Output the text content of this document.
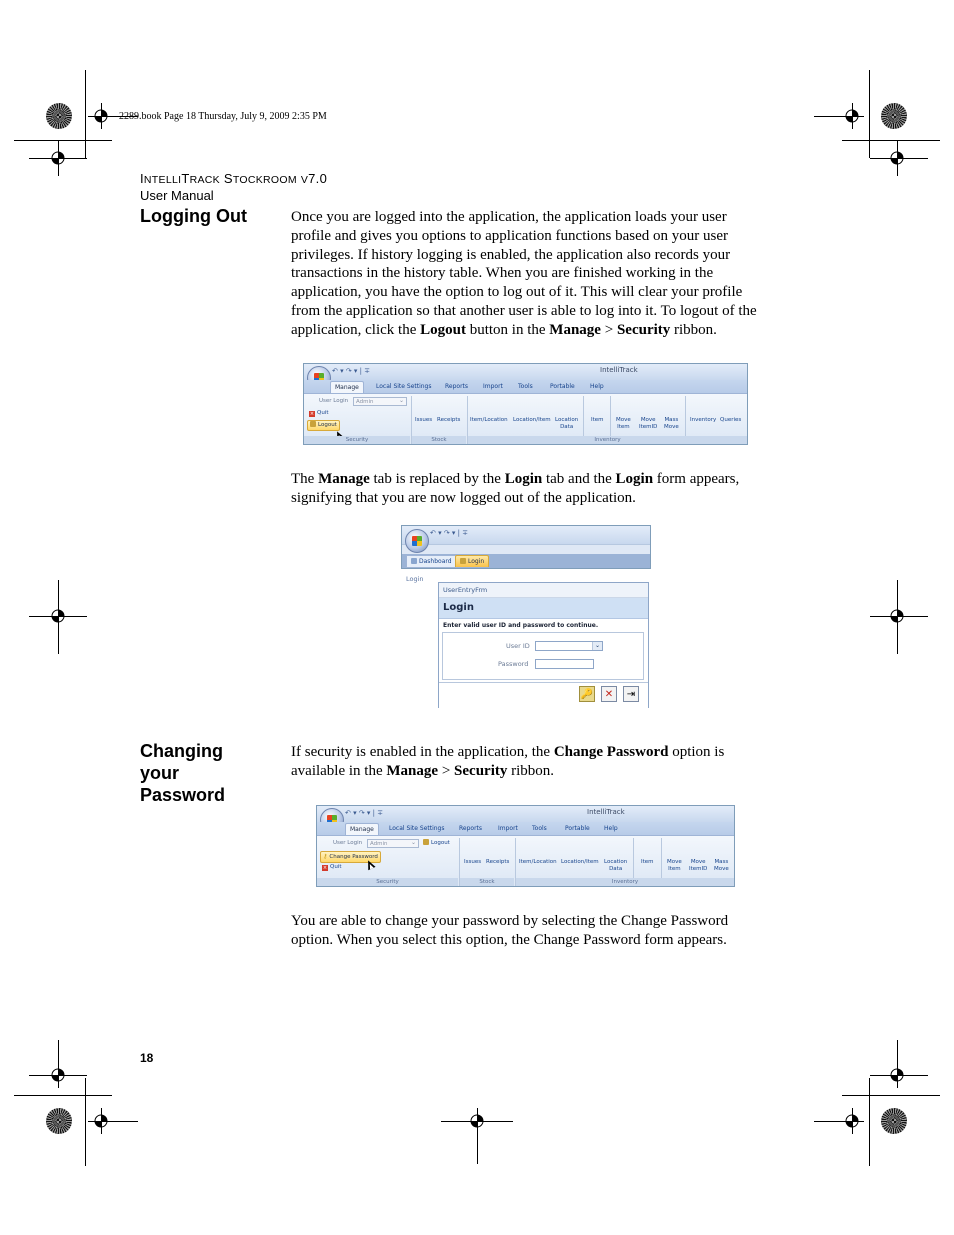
2289.book Page 18 Thursday, July 9, 2009 2:35 PM
INTELLITRACK STOCKROOM V7.0
User Manual
Logging Out	Once you are logged into the application, the application loads your user profile and gives you options to application functions based on your user privileges. If history logging is enabled, the application also records your transactions in the history table. When you are finished working in the application, you have the option to log out of it. This will clear your profile from the application so that another user is able to log into it. To logout of the application, click the Logout button in the Manage > Security ribbon.
↶ ▾ ↷ ▾ | ∓	IntelliTrack
Manage	Local Site Settings	Reports	Import	Tools	Portable	Help
User Login	Admin ⌄
× Quit
Logout
Security
Issues Receipts
Stock
Item/Location Location/Item Location
Data
Item Move
Item
Move
ItemID
Mass
Move
Inventory Queries

Inventory
The Manage tab is replaced by the Login tab and the Login form appears, signifying that you are now logged out of the application.
↶ ▾ ↷ ▾ | ∓
Dashboard	Login
Login
UserEntryFrm
Login
Enter valid user ID and password to continue.
User ID	⌄
Password
🔑	✕	⇥
Changing
your
Password
If security is enabled in the application, the Change Password option is available in the Manage > Security ribbon.
↶ ▾ ↷ ▾ | ∓	IntelliTrack
Manage	Local Site Settings	Reports	Import	Tools	Portable	Help
User Login	Admin ⌄	Logout
⚷ Change Password
× Quit
Security
Issues Receipts
Stock
Item/Location Location/Item Location
Data
Item Move
Item
Move
ItemID
Mass
Move
Inventory
You are able to change your password by selecting the Change Password option. When you select this option, the Change Password form appears.
18
